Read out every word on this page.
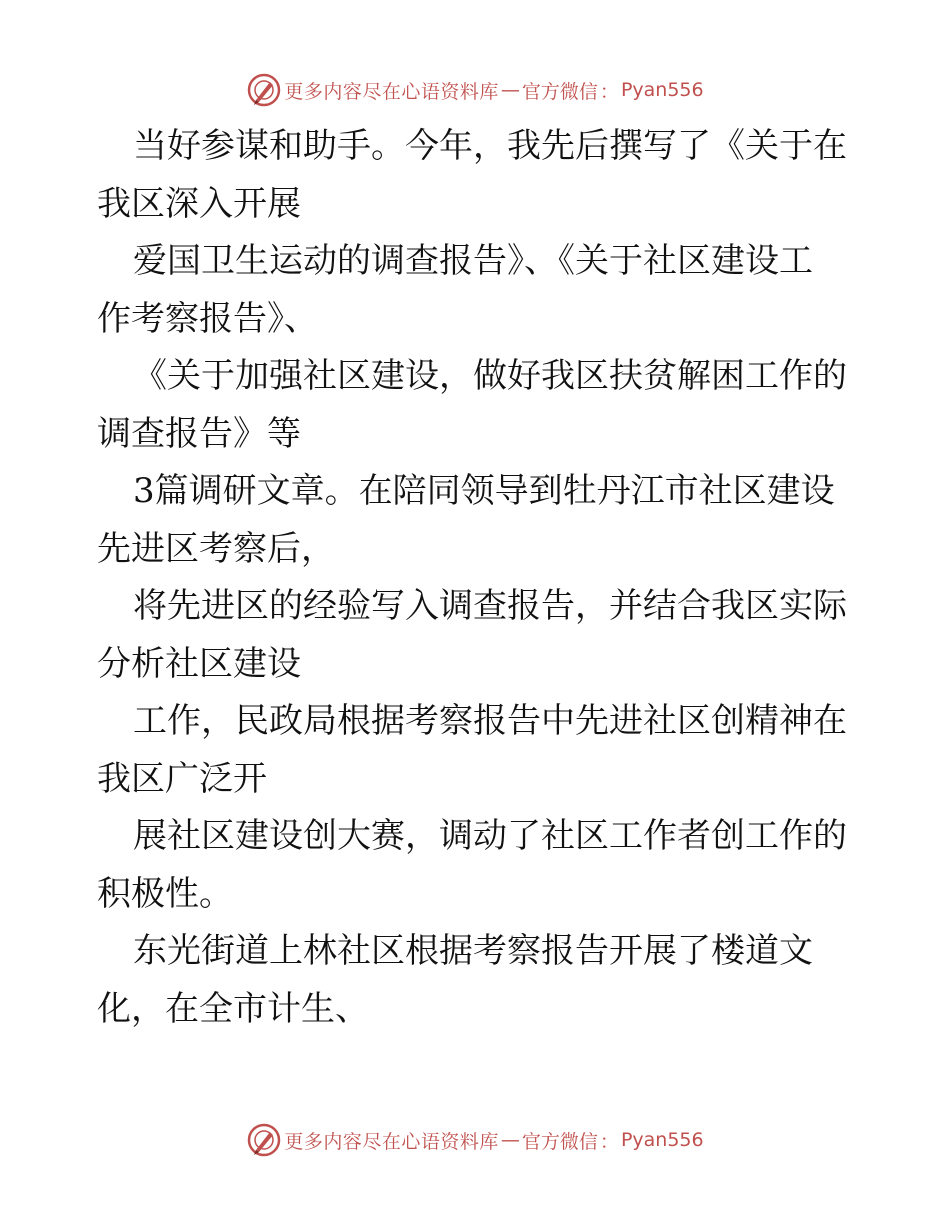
更多内容尽在心语资料库 — 官方微信 ： Pyan556

当好参谋和助手。今年，我先后撰写了《关于在
我区深入开展

爱国卫生运动的调查报告》、《关于社区建设工
作考察报告》、

《关于加强社区建设，做好我区扶贫解困工作的
调查报告》等

3篇调研文章。在陪同领导到牡丹江市社区建设
先进区考察后，

将先进区的经验写入调查报告，并结合我区实际
分析社区建设

工作，民政局根据考察报告中先进社区创精神在
我区广泛开

展社区建设创大赛，调动了社区工作者创工作的
积极性。

东光街道上林社区根据考察报告开展了楼道文
化，在全市计生、

更多内容尽在心语资料库 — 官方微信 ： Pyan556
